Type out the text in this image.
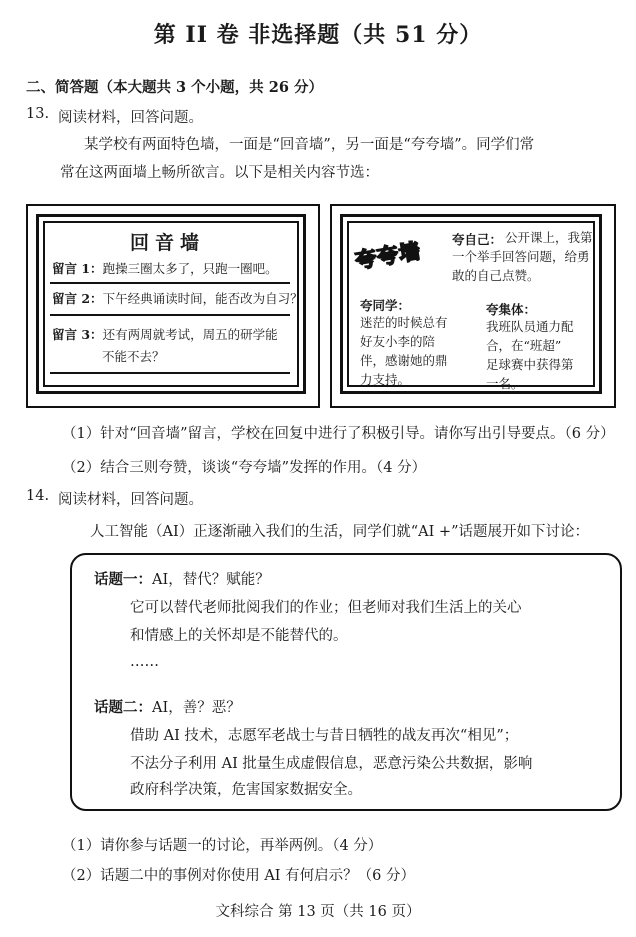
第 II 卷 非选择题（共 51 分）
二、简答题（本大题共 3 个小题，共 26 分）
13. 阅读材料，回答问题。
某学校有两面特色墙，一面是“回音墙”，另一面是“夸夸墙”。同学们常
常在这两面墙上畅所欲言。以下是相关内容节选：
回音墙
留言 1：跑操三圈太多了，只跑一圈吧。
留言 2：下午经典诵读时间，能否改为自习？
留言 3：还有两周就考试，周五的研学能
不能不去？
夸夸墙 夸自己： 公开课上，我第
一个举手回答问题，给勇
敢的自己点赞。
夸同学：
迷茫的时候总有
好友小李的陪
伴，感谢她的鼎
力支持。
夸集体：
我班队员通力配
合，在“班超”
足球赛中获得第
一名。
（1）针对“回音墙”留言，学校在回复中进行了积极引导。请你写出引导要点。（6 分）
（2）结合三则夸赞，谈谈“夸夸墙”发挥的作用。（4 分）
14. 阅读材料，回答问题。
人工智能（AI）正逐渐融入我们的生活，同学们就“AI +”话题展开如下讨论：
话题一：AI，替代？赋能？
它可以替代老师批阅我们的作业；但老师对我们生活上的关心
和情感上的关怀却是不能替代的。
……
话题二：AI，善？恶？
借助 AI 技术，志愿军老战士与昔日牺牲的战友再次“相见”；
不法分子利用 AI 批量生成虚假信息，恶意污染公共数据，影响
政府科学决策，危害国家数据安全。
（1）请你参与话题一的讨论，再举两例。（4 分）
（2）话题二中的事例对你使用 AI 有何启示？（6 分）
文科综合 第 13 页（共 16 页）
